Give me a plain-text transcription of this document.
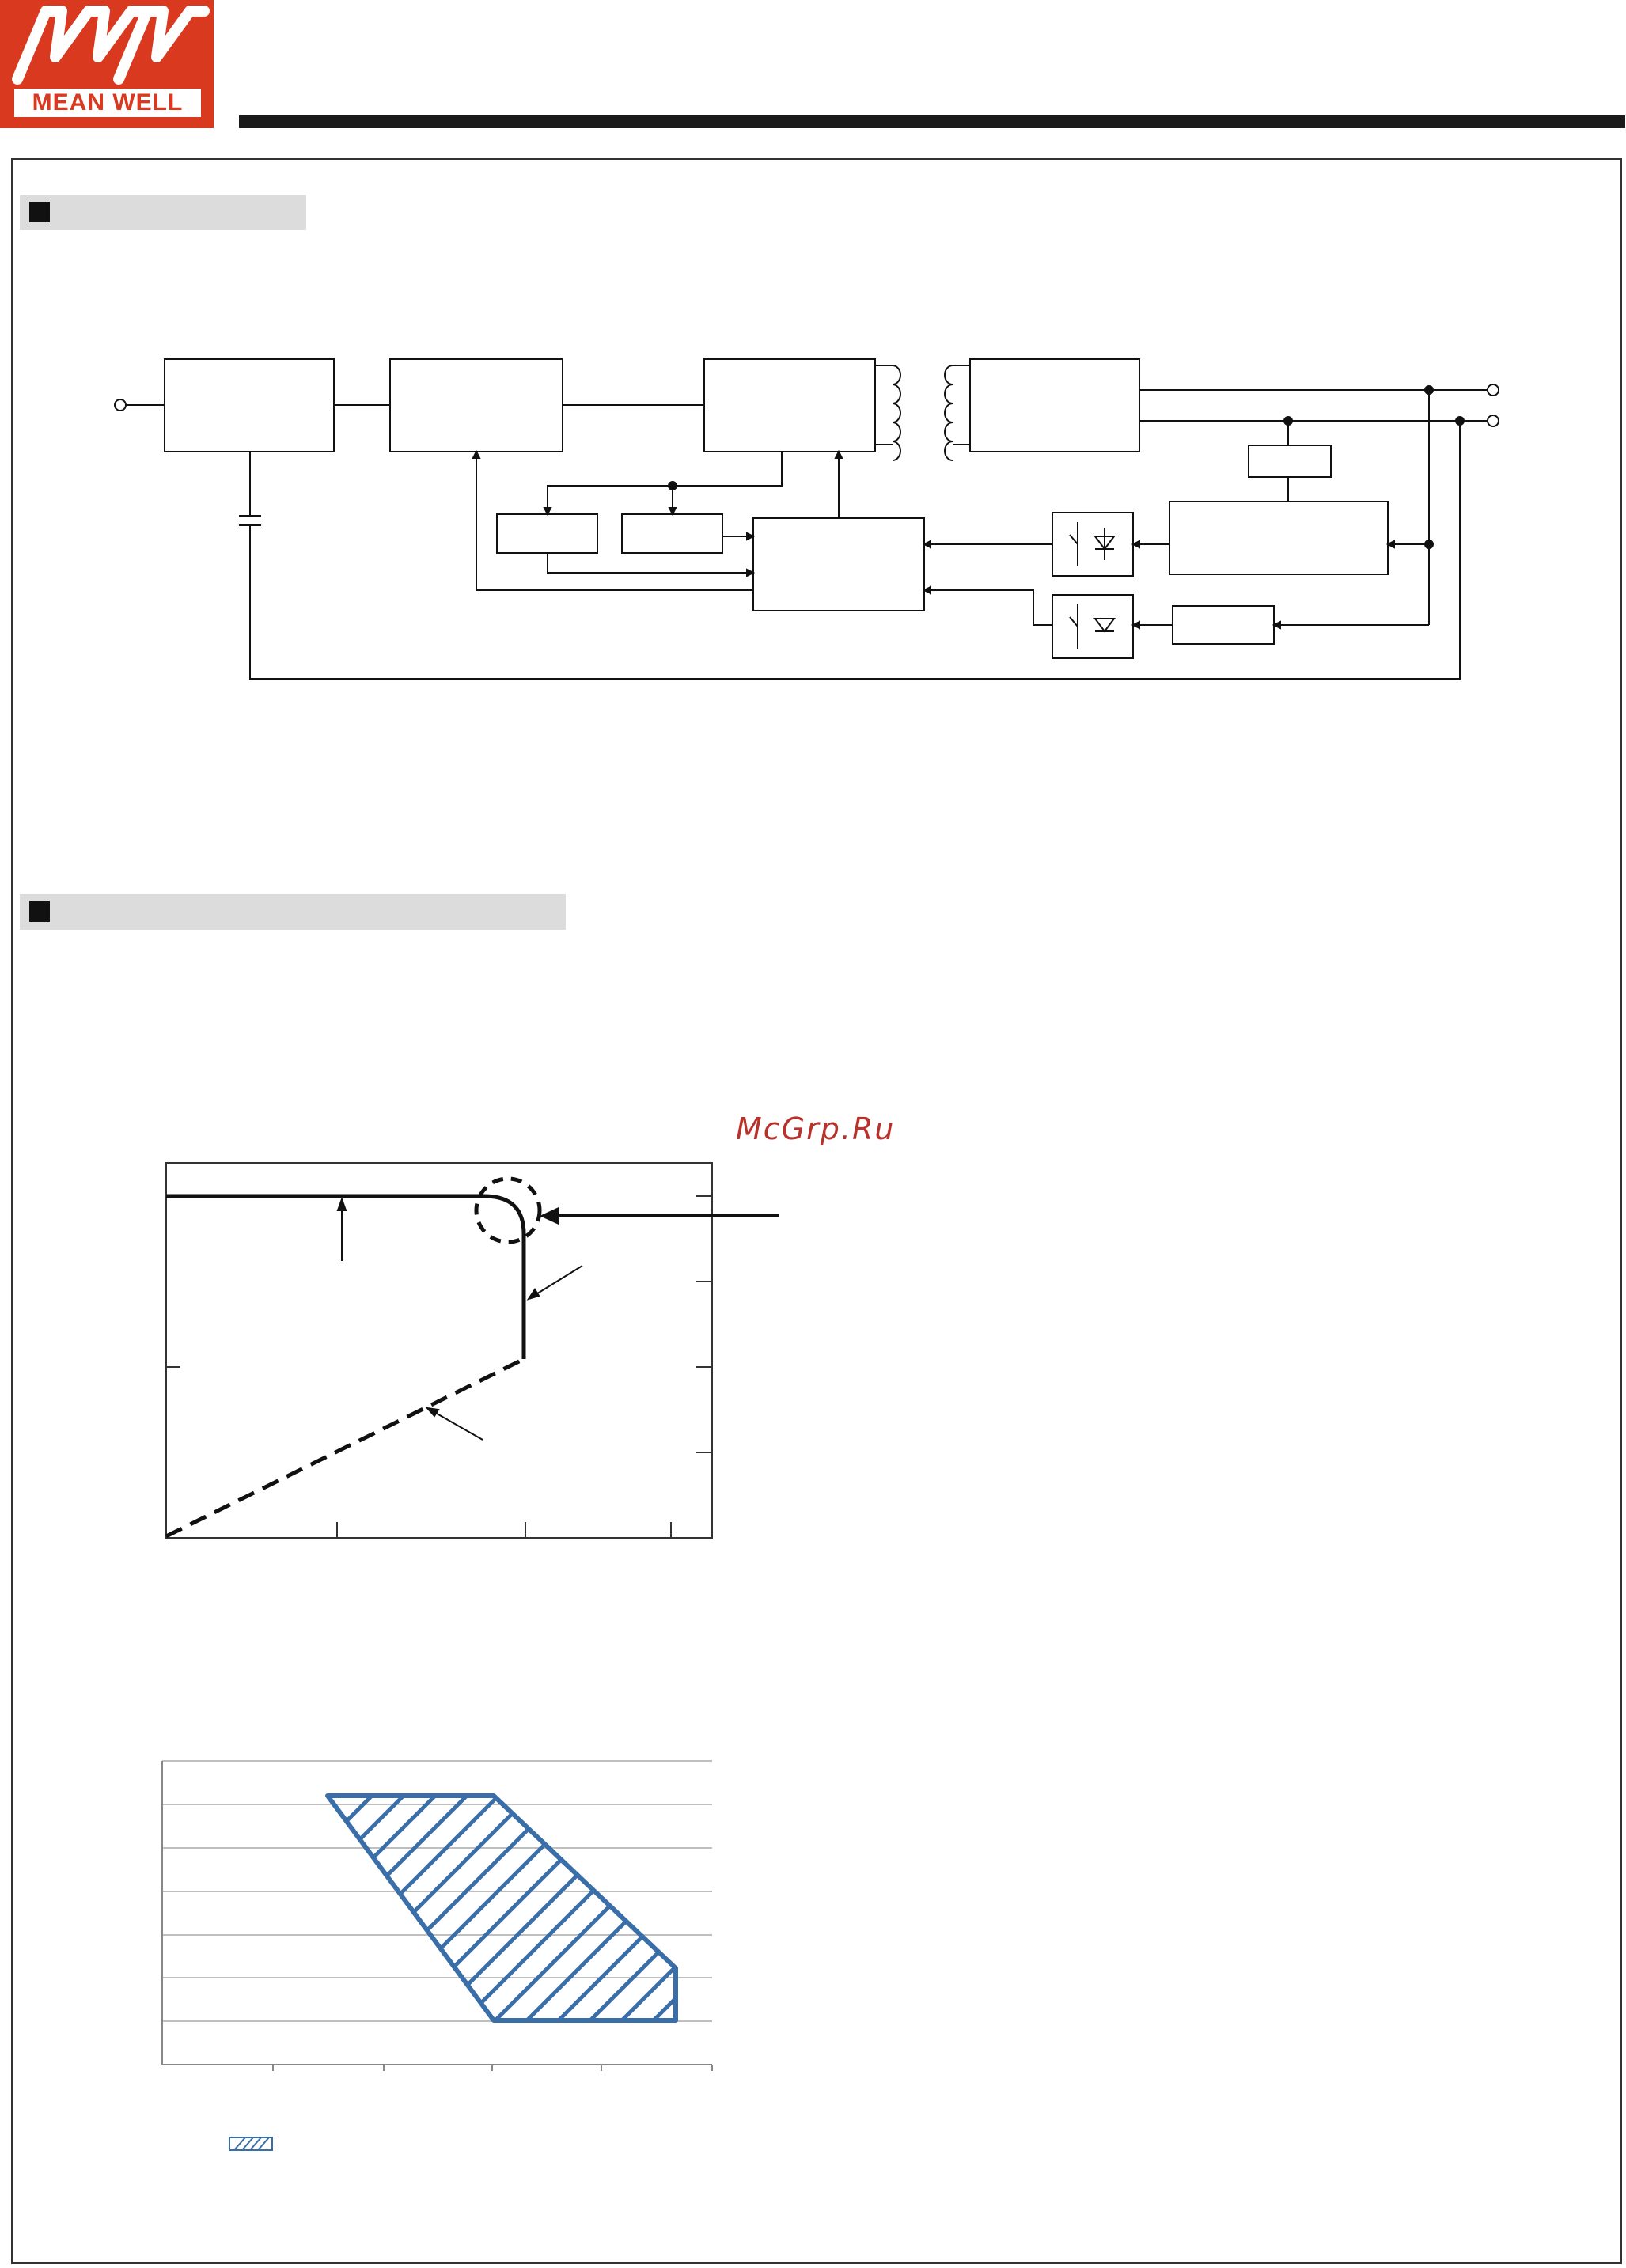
MEAN WELL
McGrp.Ru
